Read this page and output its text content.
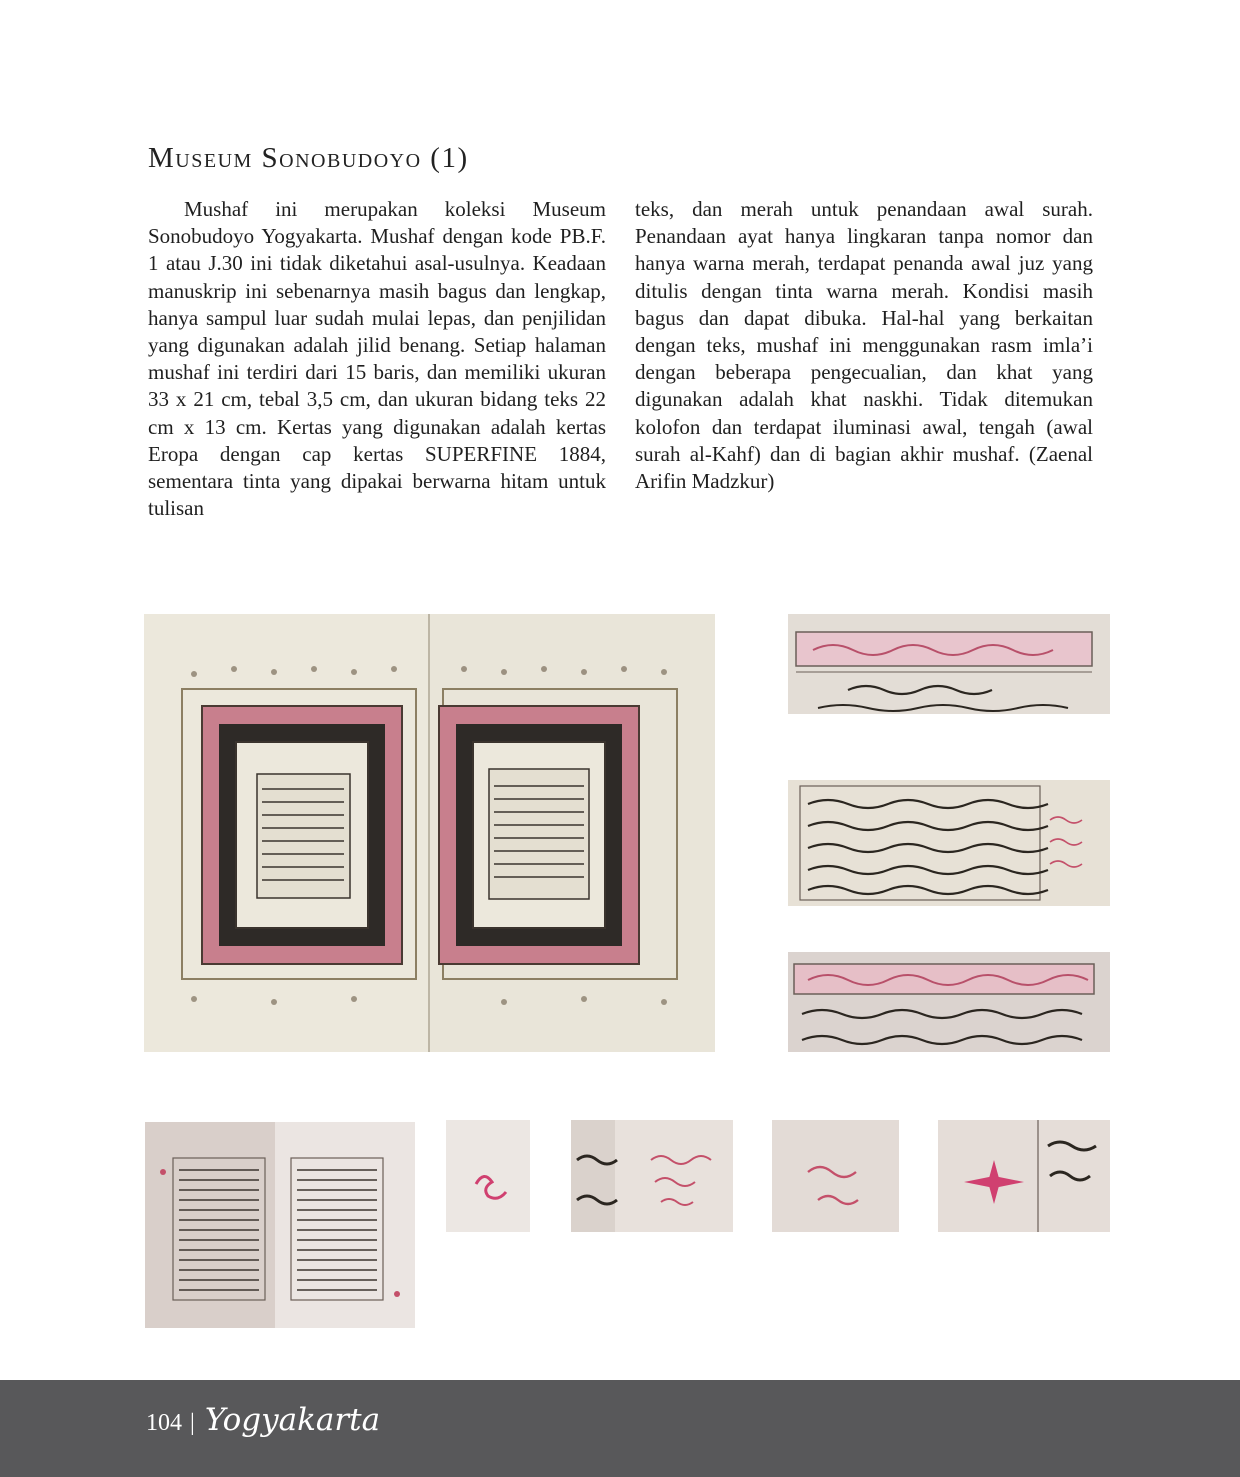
Museum Sonobudoyo (1)
Mushaf ini merupakan koleksi Museum Sonobudoyo Yogyakarta. Mushaf dengan kode PB.F. 1 atau J.30 ini tidak diketahui asal-usulnya. Keadaan manuskrip ini sebenarnya masih bagus dan lengkap, hanya sampul luar sudah mulai lepas, dan penjilidan yang digunakan adalah jilid benang. Setiap halaman mushaf ini terdiri dari 15 baris, dan memiliki ukuran 33 x 21 cm, tebal 3,5 cm, dan ukuran bidang teks 22 cm x 13 cm. Kertas yang digunakan adalah kertas Eropa dengan cap kertas SUPERFINE 1884, sementara tinta yang dipakai berwarna hitam untuk tulisan
teks, dan merah untuk penandaan awal surah. Penandaan ayat hanya lingkaran tanpa nomor dan hanya warna merah, terdapat penanda awal juz yang ditulis dengan tinta warna merah. Kondisi masih bagus dan dapat dibuka. Hal-hal yang berkaitan dengan teks, mushaf ini menggunakan rasm imla’i dengan beberapa pengecualian, dan khat yang digunakan adalah khat naskhi. Tidak ditemukan kolofon dan terdapat iluminasi awal, tengah (awal surah al-Kahf) dan di bagian akhir mushaf. (Zaenal Arifin Madzkur)
104 | Yogyakarta
